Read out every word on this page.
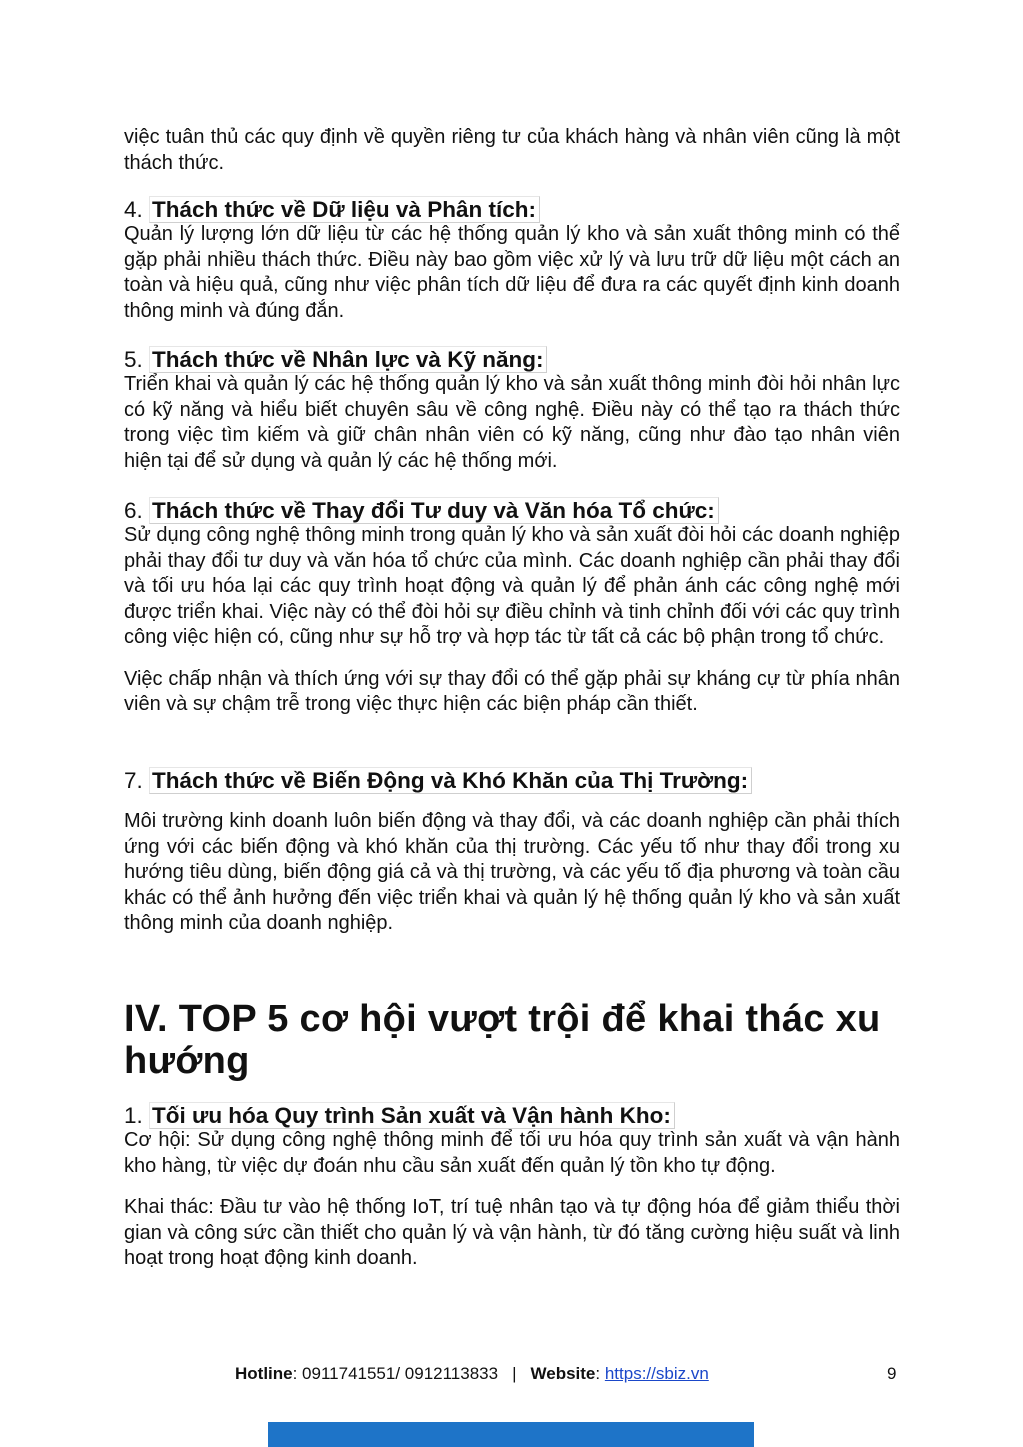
việc tuân thủ các quy định về quyền riêng tư của khách hàng và nhân viên cũng là một thách thức.

4. Thách thức về Dữ liệu và Phân tích:

Quản lý lượng lớn dữ liệu từ các hệ thống quản lý kho và sản xuất thông minh có thể gặp phải nhiều thách thức. Điều này bao gồm việc xử lý và lưu trữ dữ liệu một cách an toàn và hiệu quả, cũng như việc phân tích dữ liệu để đưa ra các quyết định kinh doanh thông minh và đúng đắn.

5. Thách thức về Nhân lực và Kỹ năng:

Triển khai và quản lý các hệ thống quản lý kho và sản xuất thông minh đòi hỏi nhân lực có kỹ năng và hiểu biết chuyên sâu về công nghệ. Điều này có thể tạo ra thách thức trong việc tìm kiếm và giữ chân nhân viên có kỹ năng, cũng như đào tạo nhân viên hiện tại để sử dụng và quản lý các hệ thống mới.

6. Thách thức về Thay đổi Tư duy và Văn hóa Tổ chức:

Sử dụng công nghệ thông minh trong quản lý kho và sản xuất đòi hỏi các doanh nghiệp phải thay đổi tư duy và văn hóa tổ chức của mình. Các doanh nghiệp cần phải thay đổi và tối ưu hóa lại các quy trình hoạt động và quản lý để phản ánh các công nghệ mới được triển khai. Việc này có thể đòi hỏi sự điều chỉnh và tinh chỉnh đối với các quy trình công việc hiện có, cũng như sự hỗ trợ và hợp tác từ tất cả các bộ phận trong tổ chức.

Việc chấp nhận và thích ứng với sự thay đổi có thể gặp phải sự kháng cự từ phía nhân viên và sự chậm trễ trong việc thực hiện các biện pháp cần thiết.

7. Thách thức về Biến Động và Khó Khăn của Thị Trường:

Môi trường kinh doanh luôn biến động và thay đổi, và các doanh nghiệp cần phải thích ứng với các biến động và khó khăn của thị trường. Các yếu tố như thay đổi trong xu hướng tiêu dùng, biến động giá cả và thị trường, và các yếu tố địa phương và toàn cầu khác có thể ảnh hưởng đến việc triển khai và quản lý hệ thống quản lý kho và sản xuất thông minh của doanh nghiệp.

IV. TOP 5 cơ hội vượt trội để khai thác xu hướng
1. Tối ưu hóa Quy trình Sản xuất và Vận hành Kho:

Cơ hội: Sử dụng công nghệ thông minh để tối ưu hóa quy trình sản xuất và vận hành kho hàng, từ việc dự đoán nhu cầu sản xuất đến quản lý tồn kho tự động.

Khai thác: Đầu tư vào hệ thống IoT, trí tuệ nhân tạo và tự động hóa để giảm thiểu thời gian và công sức cần thiết cho quản lý và vận hành, từ đó tăng cường hiệu suất và linh hoạt trong hoạt động kinh doanh.

Hotline: 0911741551/ 0912113833 | Website: https://sbiz.vn	9
